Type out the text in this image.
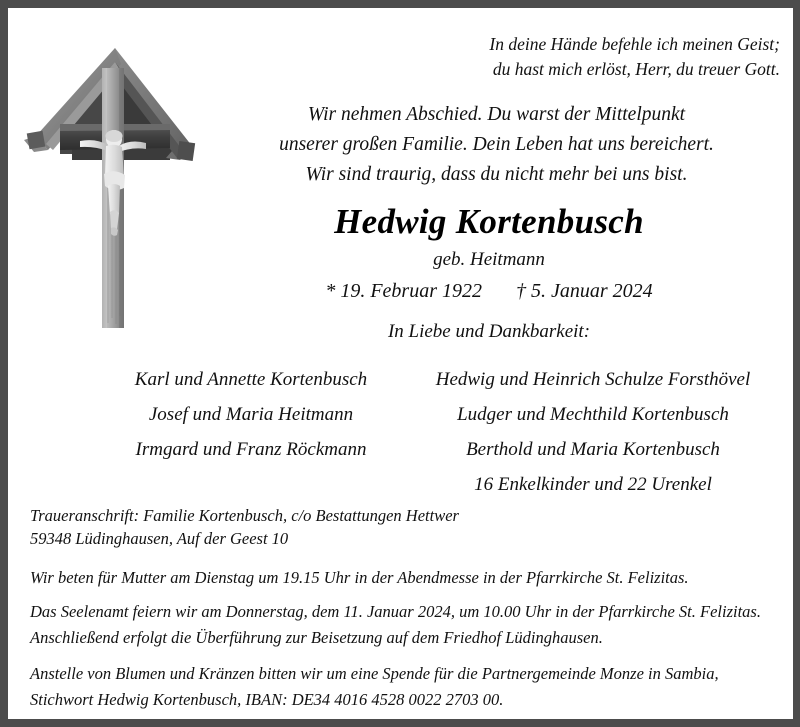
In deine Hände befehle ich meinen Geist;
du hast mich erlöst, Herr, du treuer Gott.
Wir nehmen Abschied. Du warst der Mittelpunkt
unserer großen Familie. Dein Leben hat uns bereichert.
Wir sind traurig, dass du nicht mehr bei uns bist.
Hedwig Kortenbusch
geb. Heitmann
* 19. Februar 1922 † 5. Januar 2024
In Liebe und Dankbarkeit:
Karl und Annette Kortenbusch
Josef und Maria Heitmann
Irmgard und Franz Röckmann
Hedwig und Heinrich Schulze Forsthövel
Ludger und Mechthild Kortenbusch
Berthold und Maria Kortenbusch
16 Enkelkinder und 22 Urenkel
Traueranschrift: Familie Kortenbusch, c/o Bestattungen Hettwer
59348 Lüdinghausen, Auf der Geest 10
Wir beten für Mutter am Dienstag um 19.15 Uhr in der Abendmesse in der Pfarrkirche St. Felizitas.
Das Seelenamt feiern wir am Donnerstag, dem 11. Januar 2024, um 10.00 Uhr in der Pfarrkirche St. Felizitas. Anschließend erfolgt die Überführung zur Beisetzung auf dem Friedhof Lüdinghausen.
Anstelle von Blumen und Kränzen bitten wir um eine Spende für die Partnergemeinde Monze in Sambia, Stichwort Hedwig Kortenbusch, IBAN: DE34 4016 4528 0022 2703 00.
